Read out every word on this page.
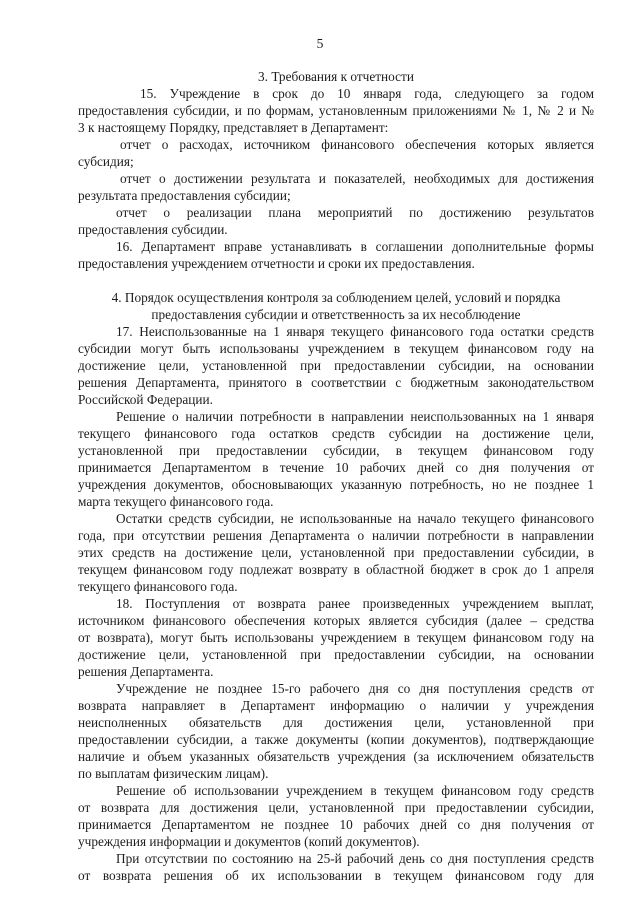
5
3. Требования к отчетности
15. Учреждение в срок до 10 января года, следующего за годом
предоставления субсидии, и по формам, установленным приложениями № 1, № 2 и №
3 к настоящему Порядку, представляет в Департамент:
отчет о расходах, источником финансового обеспечения которых является
субсидия;
отчет о достижении результата и показателей, необходимых для достижения
результата предоставления субсидии;
отчет о реализации плана мероприятий по достижению результатов
предоставления субсидии.
16. Департамент вправе устанавливать в соглашении дополнительные формы
предоставления учреждением отчетности и сроки их предоставления.
4. Порядок осуществления контроля за соблюдением целей, условий и порядка
предоставления субсидии и ответственность за их несоблюдение
17. Неиспользованные на 1 января текущего финансового года остатки средств
субсидии могут быть использованы учреждением в текущем финансовом году на
достижение цели, установленной при предоставлении субсидии, на основании
решения Департамента, принятого в соответствии с бюджетным законодательством
Российской Федерации.
Решение о наличии потребности в направлении неиспользованных на 1 января
текущего финансового года остатков средств субсидии на достижение цели,
установленной при предоставлении субсидии, в текущем финансовом году
принимается Департаментом в течение 10 рабочих дней со дня получения от
учреждения документов, обосновывающих указанную потребность, но не позднее 1
марта текущего финансового года.
Остатки средств субсидии, не использованные на начало текущего финансового
года, при отсутствии решения Департамента о наличии потребности в направлении
этих средств на достижение цели, установленной при предоставлении субсидии, в
текущем финансовом году подлежат возврату в областной бюджет в срок до 1 апреля
текущего финансового года.
18. Поступления от возврата ранее произведенных учреждением выплат,
источником финансового обеспечения которых является субсидия (далее – средства
от возврата), могут быть использованы учреждением в текущем финансовом году на
достижение цели, установленной при предоставлении субсидии, на основании
решения Департамента.
Учреждение не позднее 15-го рабочего дня со дня поступления средств от
возврата направляет в Департамент информацию о наличии у учреждения
неисполненных обязательств для достижения цели, установленной при
предоставлении субсидии, а также документы (копии документов), подтверждающие
наличие и объем указанных обязательств учреждения (за исключением обязательств
по выплатам физическим лицам).
Решение об использовании учреждением в текущем финансовом году средств
от возврата для достижения цели, установленной при предоставлении субсидии,
принимается Департаментом не позднее 10 рабочих дней со дня получения от
учреждения информации и документов (копий документов).
При отсутствии по состоянию на 25-й рабочий день со дня поступления средств
от возврата решения об их использовании в текущем финансовом году для
